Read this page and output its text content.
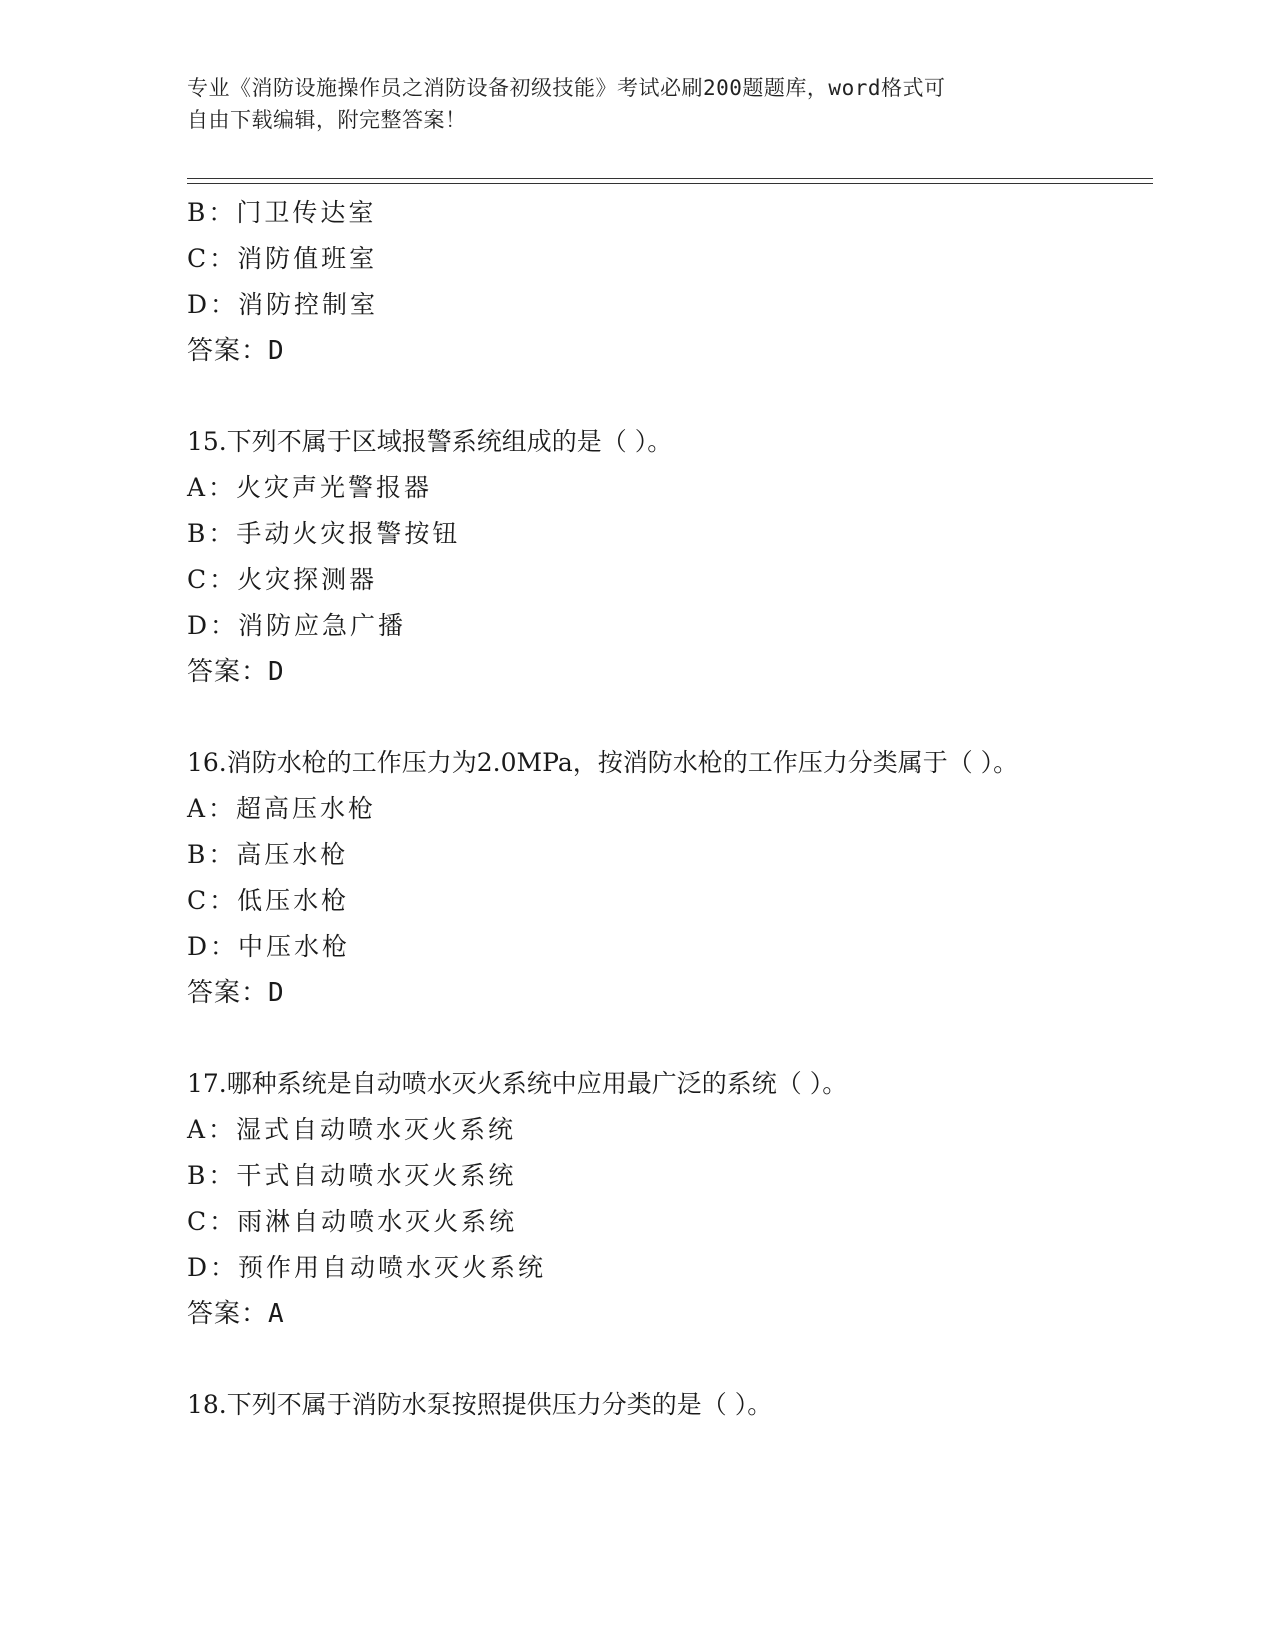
专业《消防设施操作员之消防设备初级技能》考试必刷200题题库，word格式可
自由下载编辑，附完整答案！
B：门卫传达室
C：消防值班室
D：消防控制室
答案：D
15.下列不属于区域报警系统组成的是（ ）。
A：火灾声光警报器
B：手动火灾报警按钮
C：火灾探测器
D：消防应急广播
答案：D
16.消防水枪的工作压力为2.0MPa，按消防水枪的工作压力分类属于（ ）。
A：超高压水枪
B：高压水枪
C：低压水枪
D：中压水枪
答案：D
17.哪种系统是自动喷水灭火系统中应用最广泛的系统（ ）。
A：湿式自动喷水灭火系统
B：干式自动喷水灭火系统
C：雨淋自动喷水灭火系统
D：预作用自动喷水灭火系统
答案：A
18.下列不属于消防水泵按照提供压力分类的是（ ）。
